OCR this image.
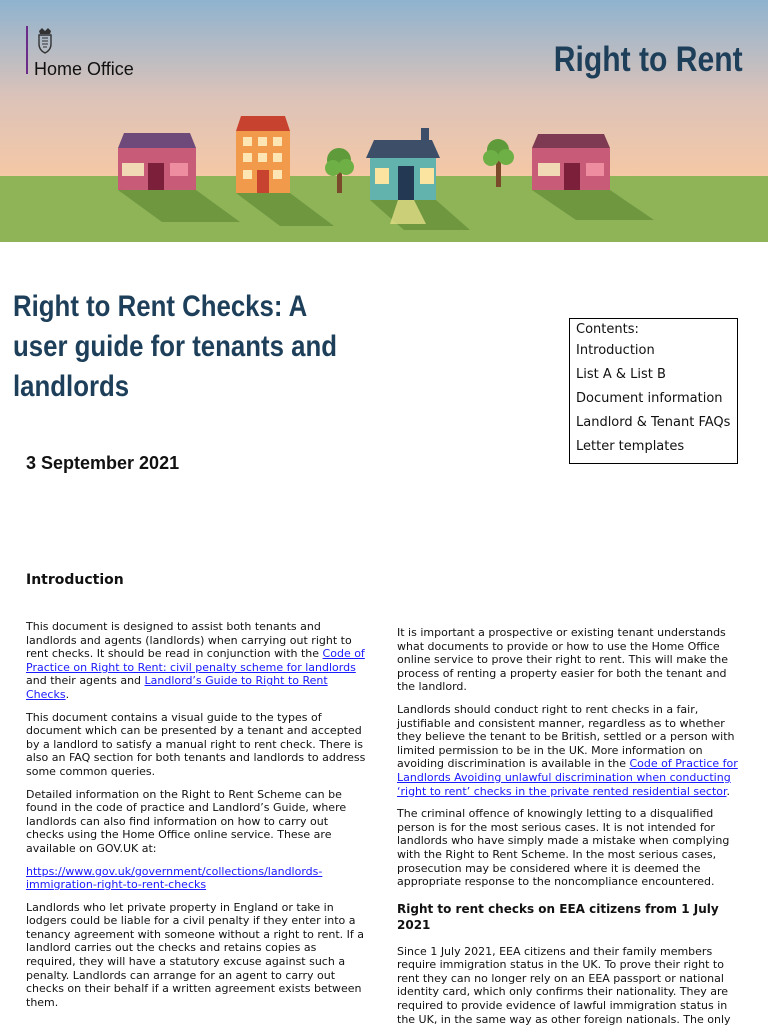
Home Office	Right to Rent
Right to Rent Checks: A user guide for tenants and landlords
3 September 2021
Contents:
Introduction
List A & List B
Document information
Landlord & Tenant FAQs
Letter templates
Introduction

This document is designed to assist both tenants and landlords and agents (landlords) when carrying out right to rent checks. It should be read in conjunction with the Code of Practice on Right to Rent: civil penalty scheme for landlords and their agents and Landlord’s Guide to Right to Rent Checks.

This document contains a visual guide to the types of document which can be presented by a tenant and accepted by a landlord to satisfy a manual right to rent check. There is also an FAQ section for both tenants and landlords to address some common queries.

Detailed information on the Right to Rent Scheme can be found in the code of practice and Landlord’s Guide, where landlords can also find information on how to carry out checks using the Home Office online service. These are available on GOV.UK at:

https://www.gov.uk/government/collections/landlords-immigration-right-to-rent-checks

Landlords who let private property in England or take in lodgers could be liable for a civil penalty if they enter into a tenancy agreement with someone without a right to rent. If a landlord carries out the checks and retains copies as required, they will have a statutory excuse against such a penalty. Landlords can arrange for an agent to carry out checks on their behalf if a written agreement exists between them.

It is important a prospective or existing tenant understands what documents to provide or how to use the Home Office online service to prove their right to rent. This will make the process of renting a property easier for both the tenant and the landlord.

Landlords should conduct right to rent checks in a fair, justifiable and consistent manner, regardless as to whether they believe the tenant to be British, settled or a person with limited permission to be in the UK. More information on avoiding discrimination is available in the Code of Practice for Landlords Avoiding unlawful discrimination when conducting ‘right to rent’ checks in the private rented residential sector.

The criminal offence of knowingly letting to a disqualified person is for the most serious cases. It is not intended for landlords who have simply made a mistake when complying with the Right to Rent Scheme. In the most serious cases, prosecution may be considered where it is deemed the appropriate response to the noncompliance encountered.

Right to rent checks on EEA citizens from 1 July 2021

Since 1 July 2021, EEA citizens and their family members require immigration status in the UK. To prove their right to rent they can no longer rely on an EEA passport or national identity card, which only confirms their nationality. They are required to provide evidence of lawful immigration status in the UK, in the same way as other foreign nationals. The only
